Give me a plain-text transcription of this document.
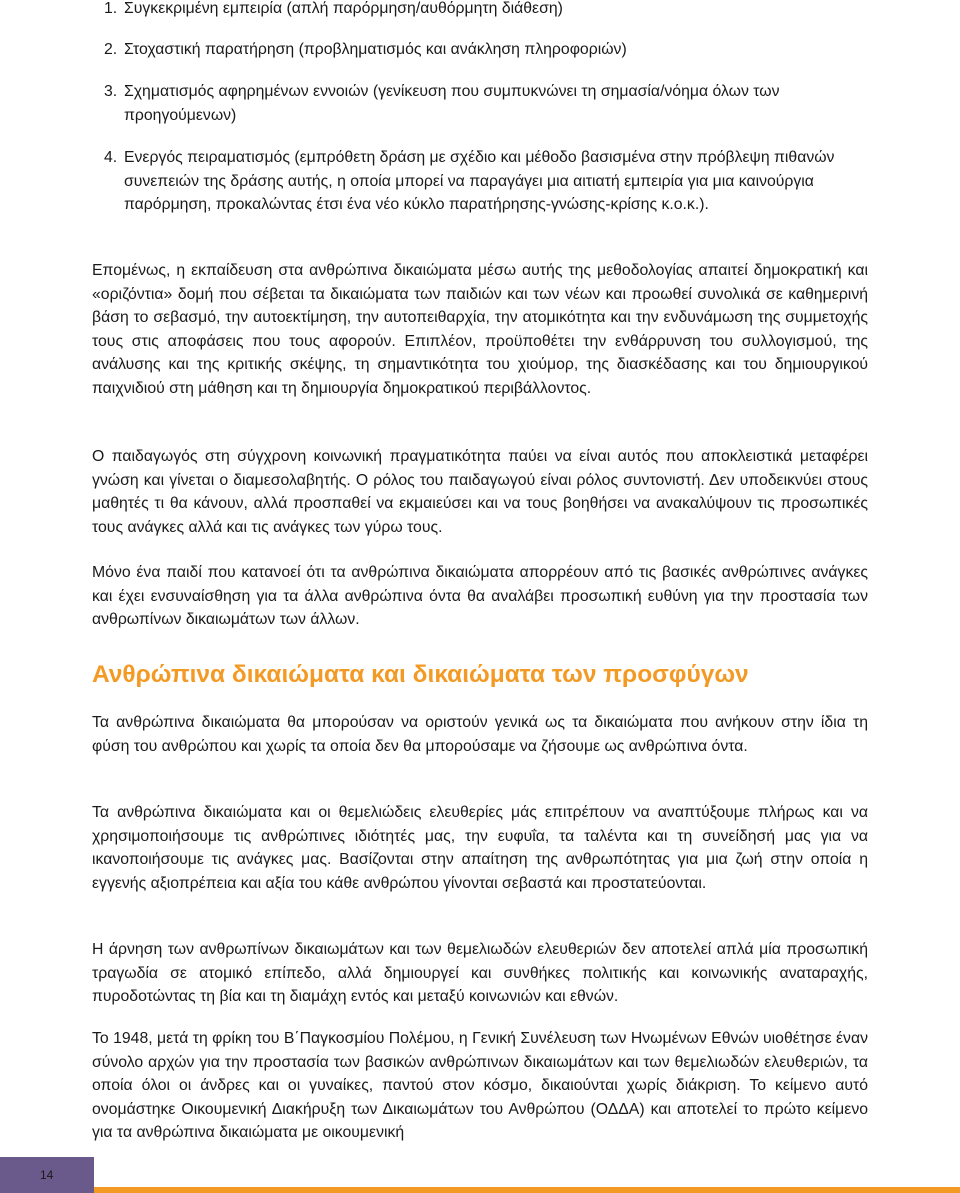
1. Συγκεκριμένη εμπειρία (απλή παρόρμηση/αυθόρμητη διάθεση)
2. Στοχαστική παρατήρηση (προβληματισμός και ανάκληση πληροφοριών)
3. Σχηματισμός αφηρημένων εννοιών (γενίκευση που συμπυκνώνει τη σημασία/νόημα όλων των προηγούμενων)
4. Ενεργός πειραματισμός (εμπρόθετη δράση με σχέδιο και μέθοδο βασισμένα στην πρόβλεψη πιθανών συνεπειών της δράσης αυτής, η οποία μπορεί να παραγάγει μια αιτιατή εμπειρία για μια καινούργια παρόρμηση, προκαλώντας έτσι ένα νέο κύκλο παρατήρησης-γνώσης-κρίσης κ.ο.κ.).

Επομένως, η εκπαίδευση στα ανθρώπινα δικαιώματα μέσω αυτής της μεθοδολογίας απαιτεί δημοκρατική και «οριζόντια» δομή που σέβεται τα δικαιώματα των παιδιών και των νέων και προωθεί συνολικά σε καθημερινή βάση το σεβασμό, την αυτοεκτίμηση, την αυτοπειθαρχία, την ατομικότητα και την ενδυνάμωση της συμμετοχής τους στις αποφάσεις που τους αφορούν. Επιπλέον, προϋποθέτει την ενθάρρυνση του συλλογισμού, της ανάλυσης και της κριτικής σκέψης, τη σημαντικότητα του χιούμορ, της διασκέδασης και του δημιουργικού παιχνιδιού στη μάθηση και τη δημιουργία δημοκρατικού περιβάλλοντος.

Ο παιδαγωγός στη σύγχρονη κοινωνική πραγματικότητα παύει να είναι αυτός που αποκλειστικά μεταφέρει γνώση και γίνεται ο διαμεσολαβητής. Ο ρόλος του παιδαγωγού είναι ρόλος συντονιστή. Δεν υποδεικνύει στους μαθητές τι θα κάνουν, αλλά προσπαθεί να εκμαιεύσει και να τους βοηθήσει να ανακαλύψουν τις προσωπικές τους ανάγκες αλλά και τις ανάγκες των γύρω τους.

Μόνο ένα παιδί που κατανοεί ότι τα ανθρώπινα δικαιώματα απορρέουν από τις βασικές ανθρώπινες ανάγκες και έχει ενσυναίσθηση για τα άλλα ανθρώπινα όντα θα αναλάβει προσωπική ευθύνη για την προστασία των ανθρωπίνων δικαιωμάτων των άλλων.

Ανθρώπινα δικαιώματα και δικαιώματα των προσφύγων

Τα ανθρώπινα δικαιώματα θα μπορούσαν να οριστούν γενικά ως τα δικαιώματα που ανήκουν στην ίδια τη φύση του ανθρώπου και χωρίς τα οποία δεν θα μπορούσαμε να ζήσουμε ως ανθρώπινα όντα.

Τα ανθρώπινα δικαιώματα και οι θεμελιώδεις ελευθερίες μάς επιτρέπουν να αναπτύξουμε πλήρως και να χρησιμοποιήσουμε τις ανθρώπινες ιδιότητές μας, την ευφυΐα, τα ταλέντα και τη συνείδησή μας για να ικανοποιήσουμε τις ανάγκες μας. Βασίζονται στην απαίτηση της ανθρωπότητας για μια ζωή στην οποία η εγγενής αξιοπρέπεια και αξία του κάθε ανθρώπου γίνονται σεβαστά και προστατεύονται.

Η άρνηση των ανθρωπίνων δικαιωμάτων και των θεμελιωδών ελευθεριών δεν αποτελεί απλά μία προσωπική τραγωδία σε ατομικό επίπεδο, αλλά δημιουργεί και συνθήκες πολιτικής και κοινωνικής αναταραχής, πυροδοτώντας τη βία και τη διαμάχη εντός και μεταξύ κοινωνιών και εθνών.

Το 1948, μετά τη φρίκη του Β΄Παγκοσμίου Πολέμου, η Γενική Συνέλευση των Ηνωμένων Εθνών υιοθέτησε έναν σύνολο αρχών για την προστασία των βασικών ανθρώπινων δικαιωμάτων και των θεμελιωδών ελευθεριών, τα οποία όλοι οι άνδρες και οι γυναίκες, παντού στον κόσμο, δικαιούνται χωρίς διάκριση. Το κείμενο αυτό ονομάστηκε Οικουμενική Διακήρυξη των Δικαιωμάτων του Ανθρώπου (ΟΔΔΑ) και αποτελεί το πρώτο κείμενο για τα ανθρώπινα δικαιώματα με οικουμενική

14
